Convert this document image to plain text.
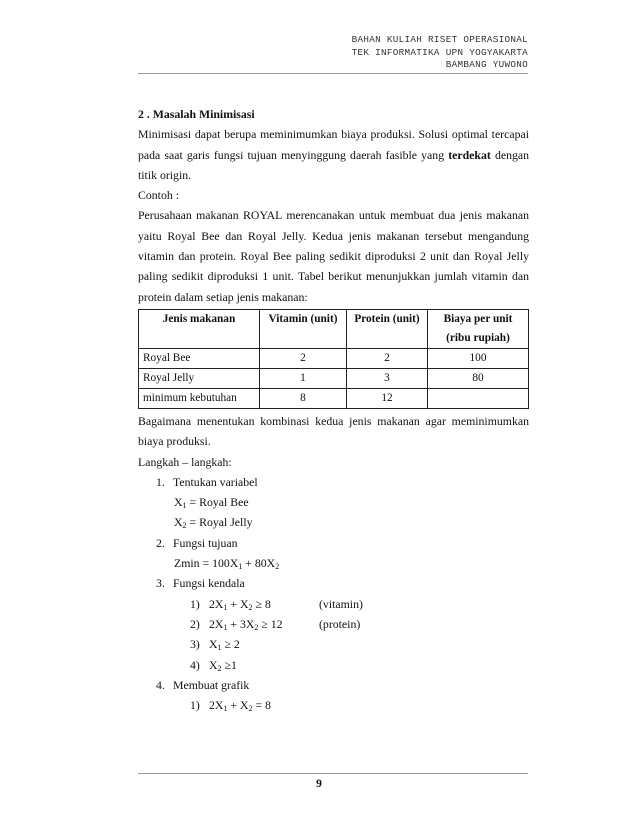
BAHAN KULIAH RISET OPERASIONAL
TEK INFORMATIKA UPN YOGYAKARTA
BAMBANG YUWONO
2 . Masalah Minimisasi
Minimisasi dapat berupa meminimumkan biaya produksi. Solusi optimal tercapai
pada saat garis fungsi tujuan menyinggung daerah fasible yang terdekat dengan
titik origin.
Contoh :
Perusahaan makanan ROYAL merencanakan untuk membuat dua jenis makanan
yaitu Royal Bee dan Royal Jelly. Kedua jenis makanan tersebut mengandung
vitamin dan protein. Royal Bee paling sedikit diproduksi 2 unit dan Royal Jelly
paling sedikit diproduksi 1 unit. Tabel berikut menunjukkan jumlah vitamin dan
protein dalam setiap jenis makanan:
Jenis makanan	Vitamin (unit)	Protein (unit)	Biaya per unit
(ribu rupiah)

Royal Bee	2	2	100
Royal Jelly	1	3	80
minimum kebutuhan	8	12	
Bagaimana menentukan kombinasi kedua jenis makanan agar meminimumkan
biaya produksi.
Langkah – langkah:
1. Tentukan variabel
$X_1$ = Royal Bee
$X_2$ = Royal Jelly
2. Fungsi tujuan
$Zmin = 100X_1 + 80X_2$
3. Fungsi kendala
1) $2X_1 + X_2 \ge 8$	(vitamin)
2) $2X_1 + 3X_2 \ge 12$	(protein)
3) $X_1 \ge 2$
4) $X_2 \ge 1$
4. Membuat grafik
1) $2X_1 + X_2 = 8$
9
